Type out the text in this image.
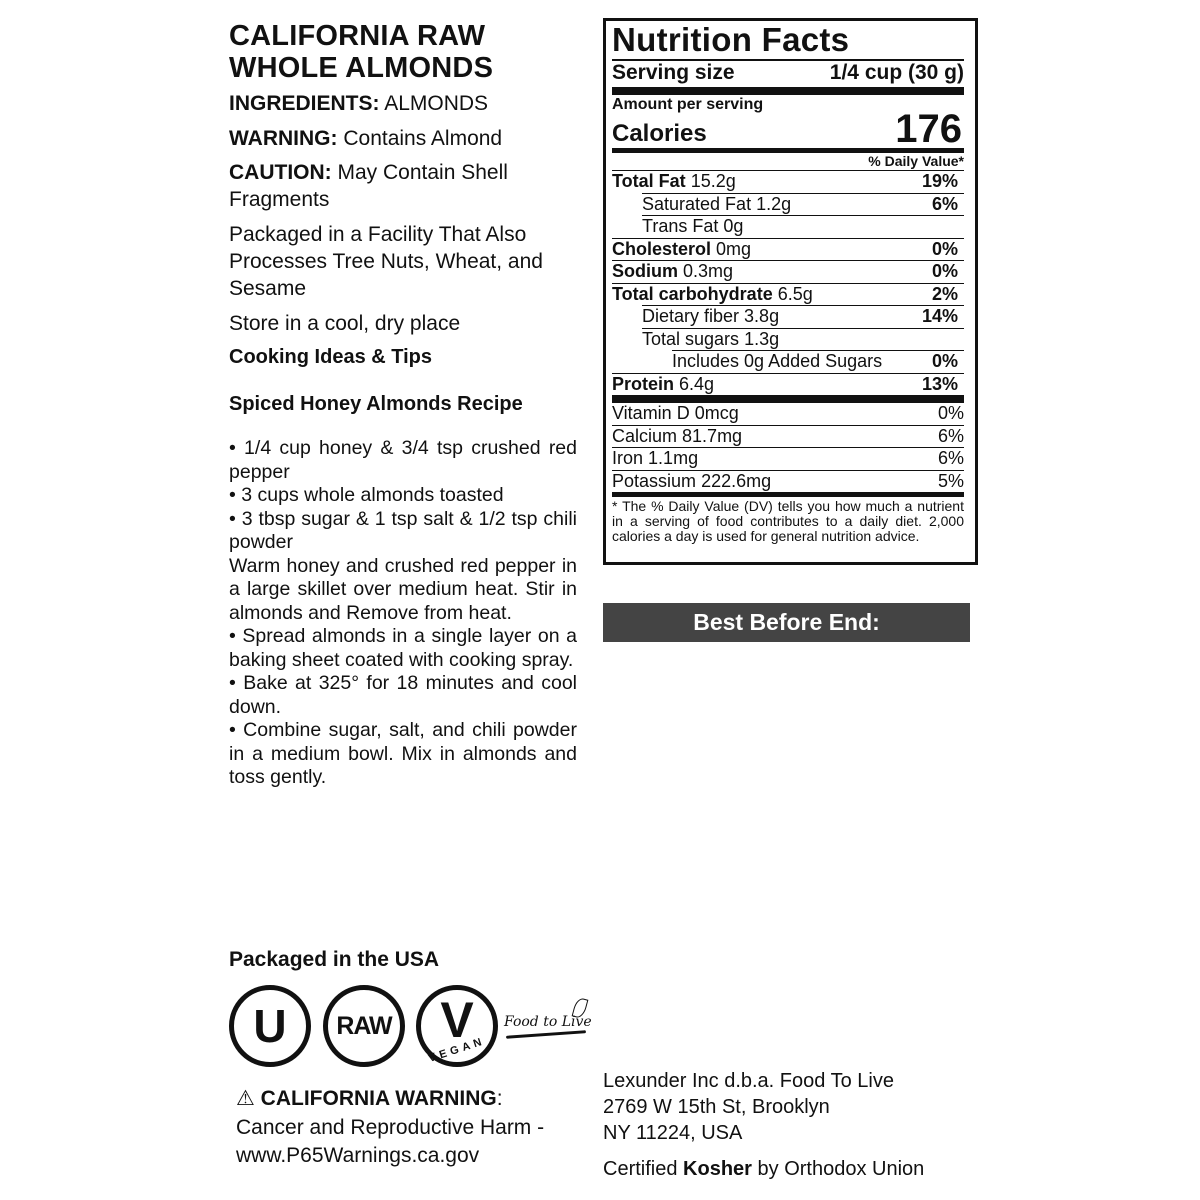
CALIFORNIA RAW

WHOLE ALMONDS

INGREDIENTS: ALMONDS

WARNING: Contains Almond

CAUTION: May Contain Shell Fragments

Packaged in a Facility That Also Processes Tree Nuts, Wheat, and Sesame

Store in a cool, dry place

Cooking Ideas & Tips

Spiced Honey Almonds Recipe

• 1/4 cup honey & 3/4 tsp crushed red pepper

• 3 cups whole almonds toasted

• 3 tbsp sugar & 1 tsp salt & 1/2 tsp chili powder

Warm honey and crushed red pepper in a large skillet over medium heat. Stir in almonds and Remove from heat.

• Spread almonds in a single layer on a baking sheet coated with cooking spray.

• Bake at 325° for 18 minutes and cool down.

• Combine sugar, salt, and chili powder in a medium bowl. Mix in almonds and toss gently.

Nutrition Facts

Serving size	1/4 cup (30 g)
Amount per serving
Calories	176
% Daily Value*
Total Fat 15.2g	19%
Saturated Fat 1.2g	6%
Trans Fat 0g
Cholesterol 0mg	0%
Sodium 0.3mg	0%
Total carbohydrate 6.5g	2%
Dietary fiber 3.8g	14%
Total sugars 1.3g
Includes 0g Added Sugars	0%
Protein 6.4g	13%
Vitamin D 0mcg	0%
Calcium 81.7mg	6%
Iron 1.1mg	6%
Potassium 222.6mg	5%
* The % Daily Value (DV) tells you how much a nutrient in a serving of food contributes to a daily diet. 2,000 calories a day is used for general nutrition advice.
Best Before End:
Packaged in the USA
U RAW V
VEGAN
Food to Live
⚠ CALIFORNIA WARNING:
Cancer and Reproductive Harm -
www.P65Warnings.ca.gov
Lexunder Inc d.b.a. Food To Live
2769 W 15th St, Brooklyn
NY 11224, USA
Certified Kosher by Orthodox Union
